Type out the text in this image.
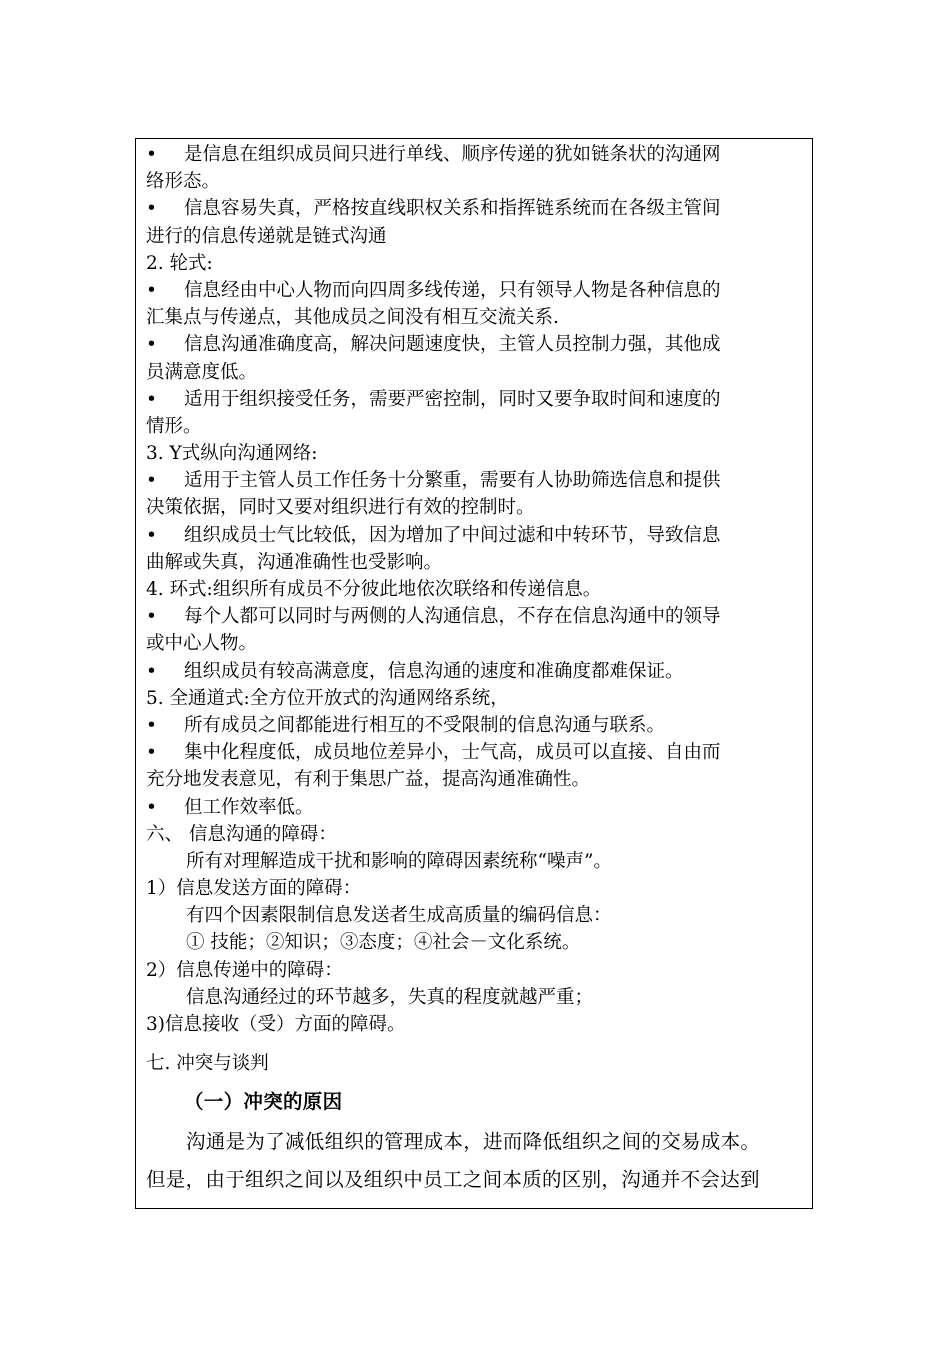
• 是信息在组织成员间只进行单线、顺序传递的犹如链条状的沟通网
络形态。
• 信息容易失真，严格按直线职权关系和指挥链系统而在各级主管间
进行的信息传递就是链式沟通
2. 轮式:
• 信息经由中心人物而向四周多线传递，只有领导人物是各种信息的
汇集点与传递点，其他成员之间没有相互交流关系.
• 信息沟通准确度高，解决问题速度快，主管人员控制力强，其他成
员满意度低。
• 适用于组织接受任务，需要严密控制，同时又要争取时间和速度的
情形。
3. Y式纵向沟通网络:
• 适用于主管人员工作任务十分繁重，需要有人协助筛选信息和提供
决策依据，同时又要对组织进行有效的控制时。
• 组织成员士气比较低，因为增加了中间过滤和中转环节，导致信息
曲解或失真，沟通准确性也受影响。
4. 环式:组织所有成员不分彼此地依次联络和传递信息。
• 每个人都可以同时与两侧的人沟通信息，不存在信息沟通中的领导
或中心人物。
• 组织成员有较高满意度，信息沟通的速度和准确度都难保证。
5. 全通道式:全方位开放式的沟通网络系统，
• 所有成员之间都能进行相互的不受限制的信息沟通与联系。
• 集中化程度低，成员地位差异小，士气高，成员可以直接、自由而
充分地发表意见，有利于集思广益，提高沟通准确性。
• 但工作效率低。
六、 信息沟通的障碍：
所有对理解造成干扰和影响的障碍因素统称“噪声”。
1）信息发送方面的障碍：
有四个因素限制信息发送者生成高质量的编码信息：
① 技能；②知识；③态度；④社会－文化系统。
2）信息传递中的障碍：
信息沟通经过的环节越多，失真的程度就越严重；
3)信息接收（受）方面的障碍。
七. 冲突与谈判
（一）冲突的原因
沟通是为了减低组织的管理成本，进而降低组织之间的交易成本。
但是，由于组织之间以及组织中员工之间本质的区别，沟通并不会达到
